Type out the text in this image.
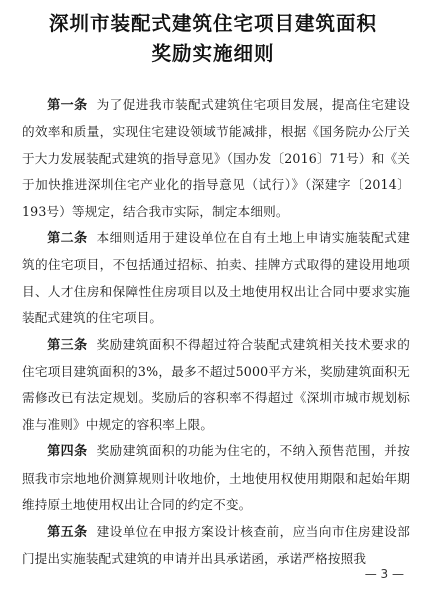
深圳市装配式建筑住宅项目建筑面积
奖励实施细则

第一条 为了促进我市装配式建筑住宅项目发展，提高住宅建设的效率和质量，实现住宅建设领域节能减排，根据《国务院办公厅关于大力发展装配式建筑的指导意见》（国办发〔2016〕71号）和《关于加快推进深圳住宅产业化的指导意见（试行）》（深建字〔2014〕193号）等规定，结合我市实际，制定本细则。

第二条 本细则适用于建设单位在自有土地上申请实施装配式建筑的住宅项目，不包括通过招标、拍卖、挂牌方式取得的建设用地项目、人才住房和保障性住房项目以及土地使用权出让合同中要求实施装配式建筑的住宅项目。

第三条 奖励建筑面积不得超过符合装配式建筑相关技术要求的住宅项目建筑面积的3%，最多不超过5000平方米，奖励建筑面积无需修改已有法定规划。奖励后的容积率不得超过《深圳市城市规划标准与准则》中规定的容积率上限。

第四条 奖励建筑面积的功能为住宅的，不纳入预售范围，并按照我市宗地地价测算规则计收地价，土地使用权使用期限和起始年期维持原土地使用权出让合同的约定不变。

第五条 建设单位在申报方案设计核查前，应当向市住房建设部门提出实施装配式建筑的申请并出具承诺函，承诺严格按照我

— 3 —
